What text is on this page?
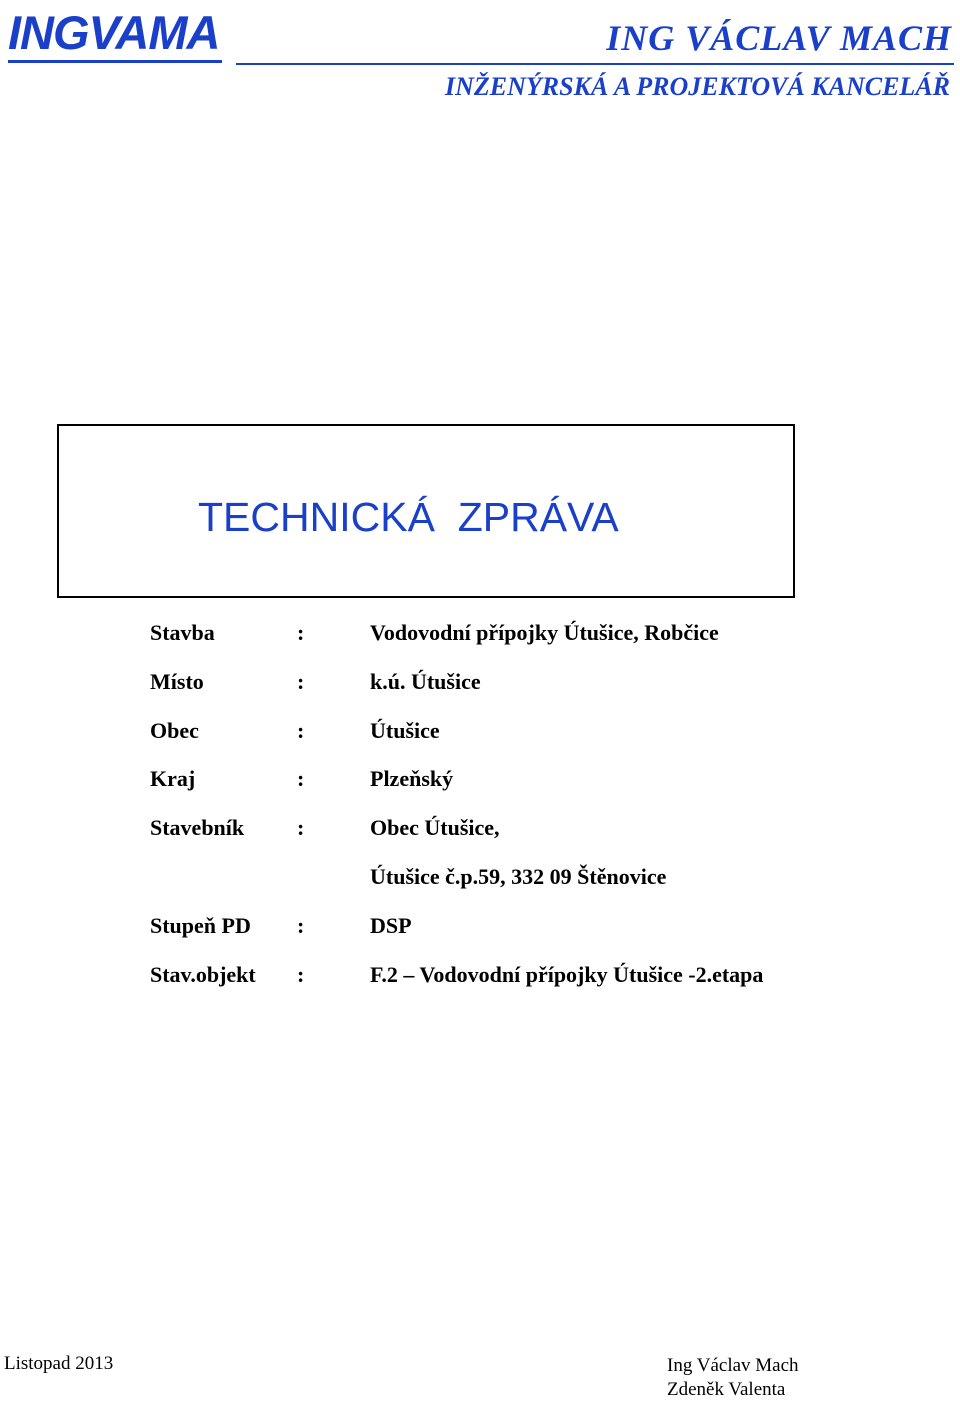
INGVAMA	ING VÁCLAV MACH
INŽENÝRSKÁ A PROJEKTOVÁ KANCELÁŘ
TECHNICKÁ  ZPRÁVA
Stavba	:	Vodovodní přípojky Útušice, Robčice
Místo	:	k.ú. Útušice
Obec	:	Útušice
Kraj	:	Plzeňský
Stavebník :	Obec Útušice,
Útušice č.p.59, 332 09 Štěnovice
Stupeň PD :	DSP
Stav.objekt :	F.2 – Vodovodní přípojky Útušice -2.etapa
Listopad 2013	Ing Václav Mach
Zdeněk Valenta
